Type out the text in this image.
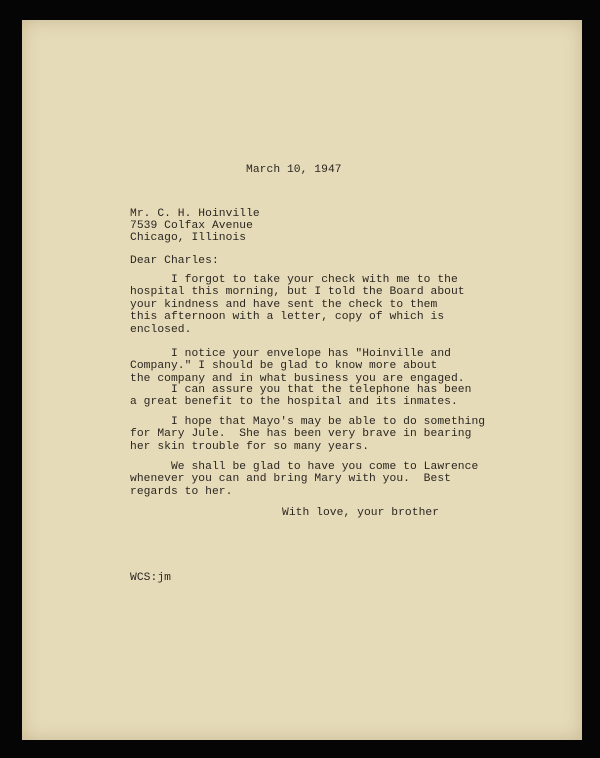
March 10, 1947

Mr. C. H. Hoinville

7539 Colfax Avenue

Chicago, Illinois

Dear Charles:

I forgot to take your check with me to the
hospital this morning, but I told the Board about
your kindness and have sent the check to them
this afternoon with a letter, copy of which is
enclosed.

I notice your envelope has "Hoinville and
Company." I should be glad to know more about
the company and in what business you are engaged.

I can assure you that the telephone has been
a great benefit to the hospital and its inmates.

I hope that Mayo's may be able to do something
for Mary Jule.  She has been very brave in bearing
her skin trouble for so many years.

We shall be glad to have you come to Lawrence
whenever you can and bring Mary with you.  Best
regards to her.

With love, your brother

WCS:jm
